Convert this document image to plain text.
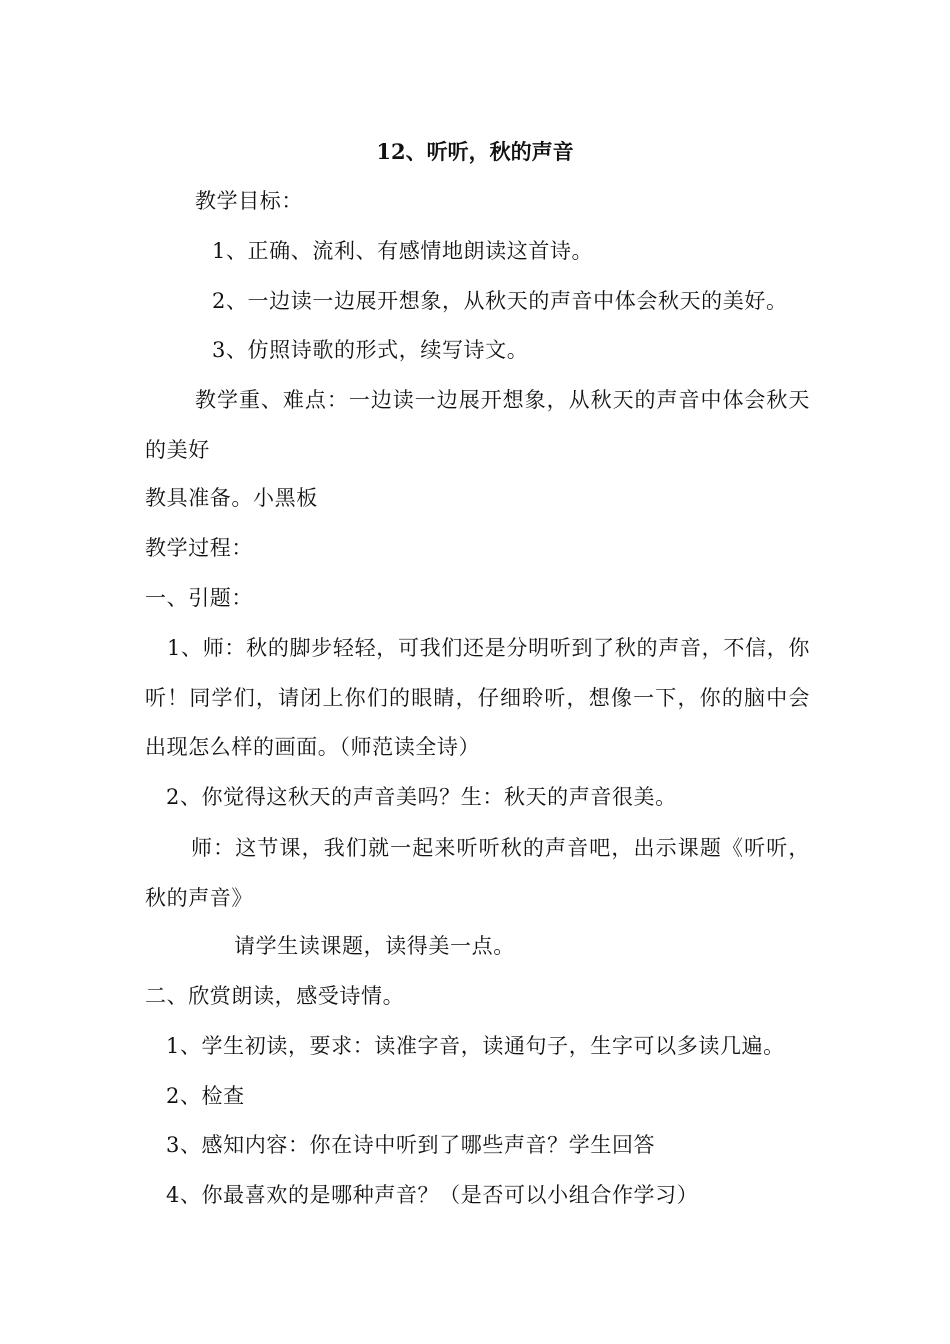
12、听听，秋的声音
教学目标：
1、正确、流利、有感情地朗读这首诗。
2、一边读一边展开想象，从秋天的声音中体会秋天的美好。
3、仿照诗歌的形式，续写诗文。
教学重、难点：一边读一边展开想象，从秋天的声音中体会秋天的美好
教具准备。小黑板
教学过程：
一、引题：
1、师：秋的脚步轻轻，可我们还是分明听到了秋的声音，不信，你听！同学们，请闭上你们的眼睛，仔细聆听，想像一下，你的脑中会出现怎么样的画面。（师范读全诗）
2、你觉得这秋天的声音美吗？生：秋天的声音很美。
师：这节课，我们就一起来听听秋的声音吧，出示课题《听听，秋的声音》
请学生读课题，读得美一点。
二、欣赏朗读，感受诗情。
1、学生初读，要求：读准字音，读通句子，生字可以多读几遍。
2、检查
3、感知内容：你在诗中听到了哪些声音？学生回答
4、你最喜欢的是哪种声音？（是否可以小组合作学习）
